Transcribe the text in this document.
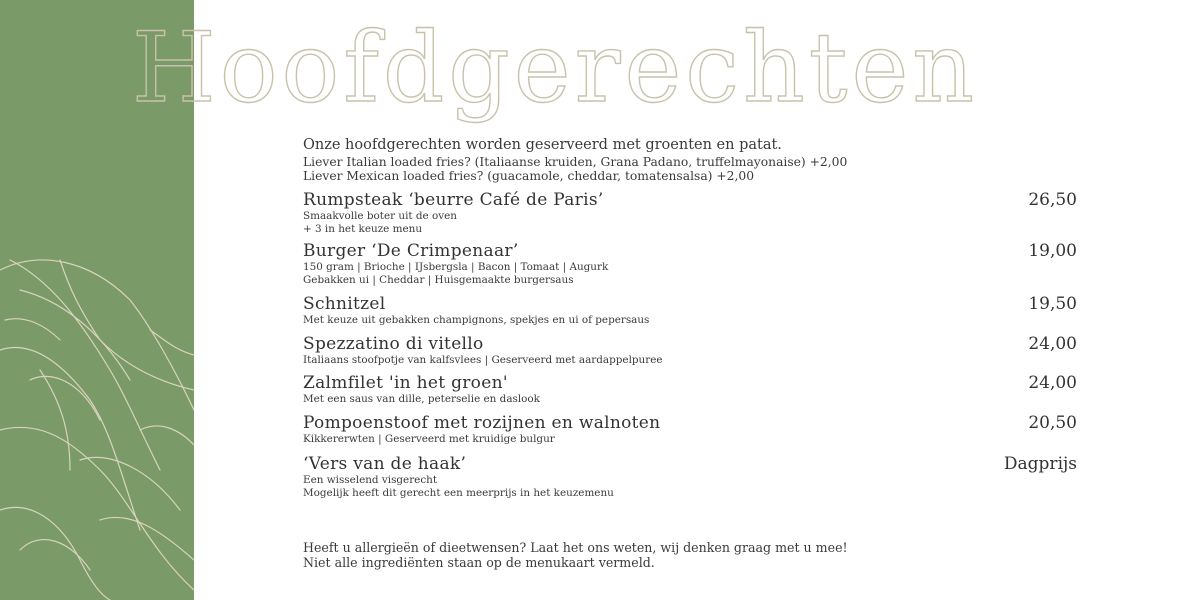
Hoofdgerechten
Onze hoofdgerechten worden geserveerd met groenten en patat.
Liever Italian loaded fries? (Italiaanse kruiden, Grana Padano, truffelmayonaise) +2,00
Liever Mexican loaded fries? (guacamole, cheddar, tomatensalsa) +2,00
Rumpsteak ‘beurre Café de Paris’	26,50
Smaakvolle boter uit de oven
+ 3 in het keuze menu
Burger ‘De Crimpenaar’	19,00
150 gram | Brioche | IJsbergsla | Bacon | Tomaat | Augurk
Gebakken ui | Cheddar | Huisgemaakte burgersaus
Schnitzel	19,50
Met keuze uit gebakken champignons, spekjes en ui of pepersaus
Spezzatino di vitello	24,00
Italiaans stoofpotje van kalfsvlees | Geserveerd met aardappelpuree
Zalmfilet 'in het groen'	24,00
Met een saus van dille, peterselie en daslook
Pompoenstoof met rozijnen en walnoten	20,50
Kikkererwten | Geserveerd met kruidige bulgur
‘Vers van de haak’	Dagprijs
Een wisselend visgerecht
Mogelijk heeft dit gerecht een meerprijs in het keuzemenu
Heeft u allergieën of dieetwensen? Laat het ons weten, wij denken graag met u mee!
Niet alle ingrediënten staan op de menukaart vermeld.
